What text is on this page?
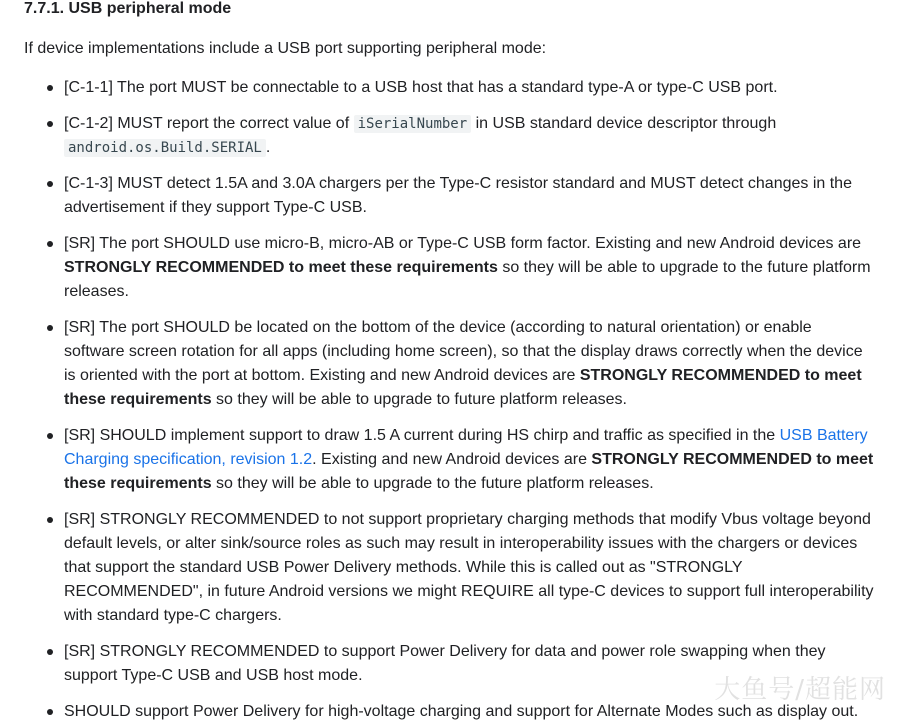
7.7.1. USB peripheral mode

If device implementations include a USB port supporting peripheral mode:

[C-1-1] The port MUST be connectable to a USB host that has a standard type-A or type-C USB port.
[C-1-2] MUST report the correct value of iSerialNumber in USB standard device descriptor through android.os.Build.SERIAL .
[C-1-3] MUST detect 1.5A and 3.0A chargers per the Type-C resistor standard and MUST detect changes in the advertisement if they support Type-C USB.
[SR] The port SHOULD use micro-B, micro-AB or Type-C USB form factor. Existing and new Android devices are STRONGLY RECOMMENDED to meet these requirements so they will be able to upgrade to the future platform releases.
[SR] The port SHOULD be located on the bottom of the device (according to natural orientation) or enable software screen rotation for all apps (including home screen), so that the display draws correctly when the device is oriented with the port at bottom. Existing and new Android devices are STRONGLY RECOMMENDED to meet these requirements so they will be able to upgrade to future platform releases.
[SR] SHOULD implement support to draw 1.5 A current during HS chirp and traffic as specified in the USB Battery Charging specification, revision 1.2. Existing and new Android devices are STRONGLY RECOMMENDED to meet these requirements so they will be able to upgrade to the future platform releases.
[SR] STRONGLY RECOMMENDED to not support proprietary charging methods that modify Vbus voltage beyond default levels, or alter sink/source roles as such may result in interoperability issues with the chargers or devices that support the standard USB Power Delivery methods. While this is called out as "STRONGLY RECOMMENDED", in future Android versions we might REQUIRE all type-C devices to support full interoperability with standard type-C chargers.
[SR] STRONGLY RECOMMENDED to support Power Delivery for data and power role swapping when they support Type-C USB and USB host mode.
SHOULD support Power Delivery for high-voltage charging and support for Alternate Modes such as display out.
大鱼号/超能网
